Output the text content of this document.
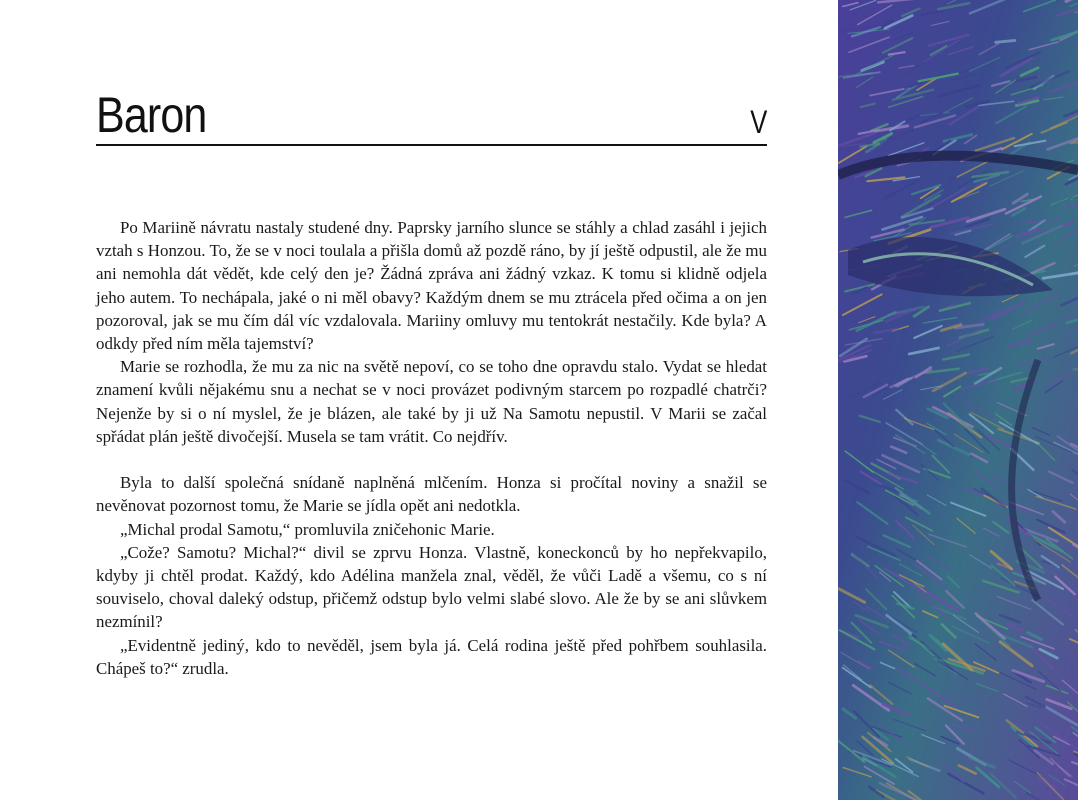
Baron	V

Po Mariině návratu nastaly studené dny. Paprsky jarního slunce se stáhly a chlad zasáhl i jejich vztah s Honzou. To, že se v noci toulala a přišla domů až pozdě ráno, by jí ještě odpustil, ale že mu ani nemohla dát vědět, kde celý den je? Žádná zpráva ani žádný vzkaz. K tomu si klidně odjela jeho autem. To nechápala, jaké o ni měl obavy? Každým dnem se mu ztrácela před očima a on jen pozoroval, jak se mu čím dál víc vzdalovala. Mariiny omluvy mu tentokrát nestačily. Kde byla? A odkdy před ním měla tajemství?

Marie se rozhodla, že mu za nic na světě nepoví, co se toho dne opravdu stalo. Vydat se hledat znamení kvůli nějakému snu a nechat se v noci provázet podivným starcem po rozpadlé chatrči? Nejenže by si o ní myslel, že je blázen, ale také by ji už Na Samotu nepustil. V Marii se začal spřádat plán ještě divočejší. Musela se tam vrátit. Co nejdřív.

Byla to další společná snídaně naplněná mlčením. Honza si pročítal noviny a snažil se nevěnovat pozornost tomu, že Marie se jídla opět ani nedotkla.

„Michal prodal Samotu,“ promluvila zničehonic Marie.

„Cože? Samotu? Michal?“ divil se zprvu Honza. Vlastně, koneckonců by ho nepřekvapilo, kdyby ji chtěl prodat. Každý, kdo Adélina manžela znal, věděl, že vůči Ladě a všemu, co s ní souviselo, choval daleký odstup, přičemž odstup bylo velmi slabé slovo. Ale že by se ani slůvkem nezmínil?

„Evidentně jediný, kdo to nevěděl, jsem byla já. Celá rodina ještě před pohřbem souhlasila. Chápeš to?“ zrudla.
